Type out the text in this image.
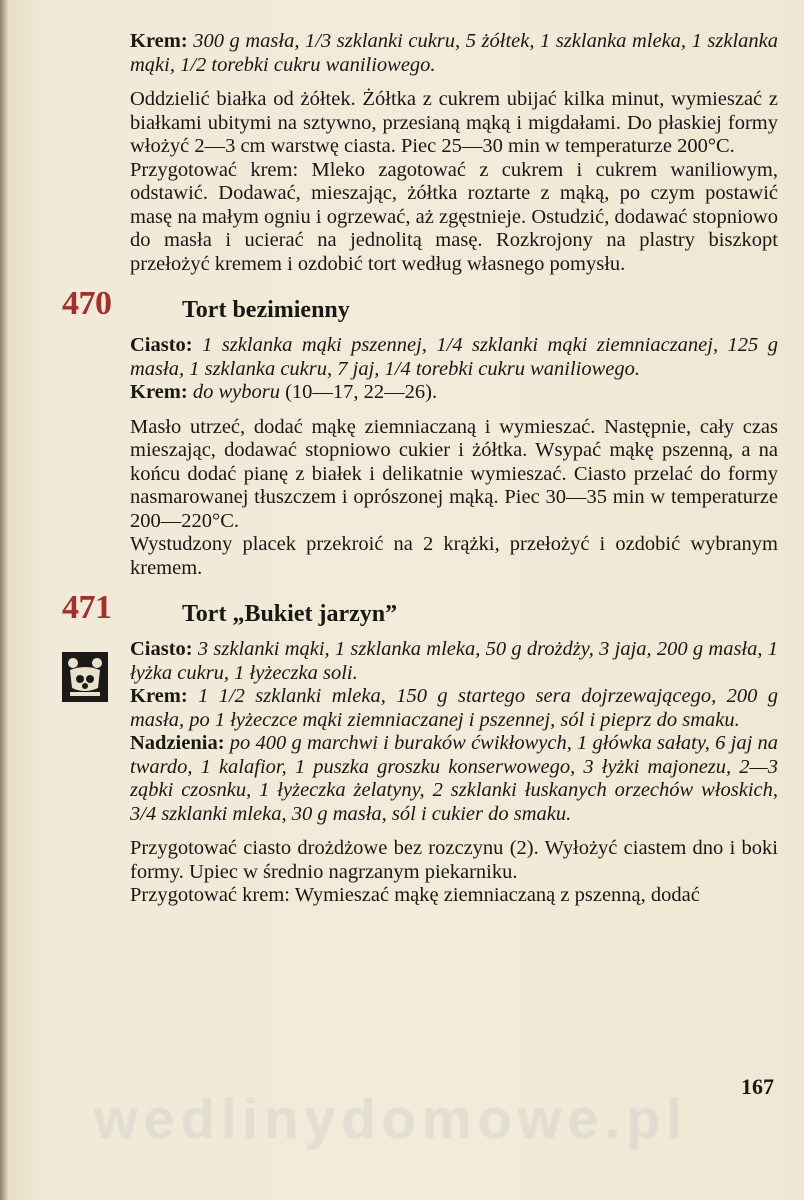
Krem: 300 g masła, 1/3 szklanki cukru, 5 żółtek, 1 szklanka mleka, 1 szklanka mąki, 1/2 torebki cukru waniliowego.

Oddzielić białka od żółtek. Żółtka z cukrem ubijać kilka minut, wymieszać z białkami ubitymi na sztywno, przesianą mąką i migdałami. Do płaskiej formy włożyć 2—3 cm warstwę ciasta. Piec 25—30 min w temperaturze 200°C.

Przygotować krem: Mleko zagotować z cukrem i cukrem waniliowym, odstawić. Dodawać, mieszając, żółtka roztarte z mąką, po czym postawić masę na małym ogniu i ogrzewać, aż zgęstnieje. Ostudzić, dodawać stopniowo do masła i ucierać na jednolitą masę. Rozkrojony na plastry biszkopt przełożyć kremem i ozdobić tort według własnego pomysłu.

470	Tort bezimienny

Ciasto: 1 szklanka mąki pszennej, 1/4 szklanki mąki ziemniaczanej, 125 g masła, 1 szklanka cukru, 7 jaj, 1/4 torebki cukru waniliowego.

Krem: do wyboru (10—17, 22—26).

Masło utrzeć, dodać mąkę ziemniaczaną i wymieszać. Następnie, cały czas mieszając, dodawać stopniowo cukier i żółtka. Wsypać mąkę pszenną, a na końcu dodać pianę z białek i delikatnie wymieszać. Ciasto przelać do formy nasmarowanej tłuszczem i oprószonej mąką. Piec 30—35 min w temperaturze 200—220°C.

Wystudzony placek przekroić na 2 krążki, przełożyć i ozdobić wybranym kremem.

471	Tort „Bukiet jarzyn”

Ciasto: 3 szklanki mąki, 1 szklanka mleka, 50 g drożdży, 3 jaja, 200 g masła, 1 łyżka cukru, 1 łyżeczka soli.

Krem: 1 1/2 szklanki mleka, 150 g startego sera dojrzewającego, 200 g masła, po 1 łyżeczce mąki ziemniaczanej i pszennej, sól i pieprz do smaku.

Nadzienia: po 400 g marchwi i buraków ćwikłowych, 1 główka sałaty, 6 jaj na twardo, 1 kalafior, 1 puszka groszku konserwowego, 3 łyżki majonezu, 2—3 ząbki czosnku, 1 łyżeczka żelatyny, 2 szklanki łuskanych orzechów włoskich, 3/4 szklanki mleka, 30 g masła, sól i cukier do smaku.

Przygotować ciasto drożdżowe bez rozczynu (2). Wyłożyć ciastem dno i boki formy. Upiec w średnio nagrzanym piekarniku.

Przygotować krem: Wymieszać mąkę ziemniaczaną z pszenną, dodać

167
wedlinydomowe.pl
